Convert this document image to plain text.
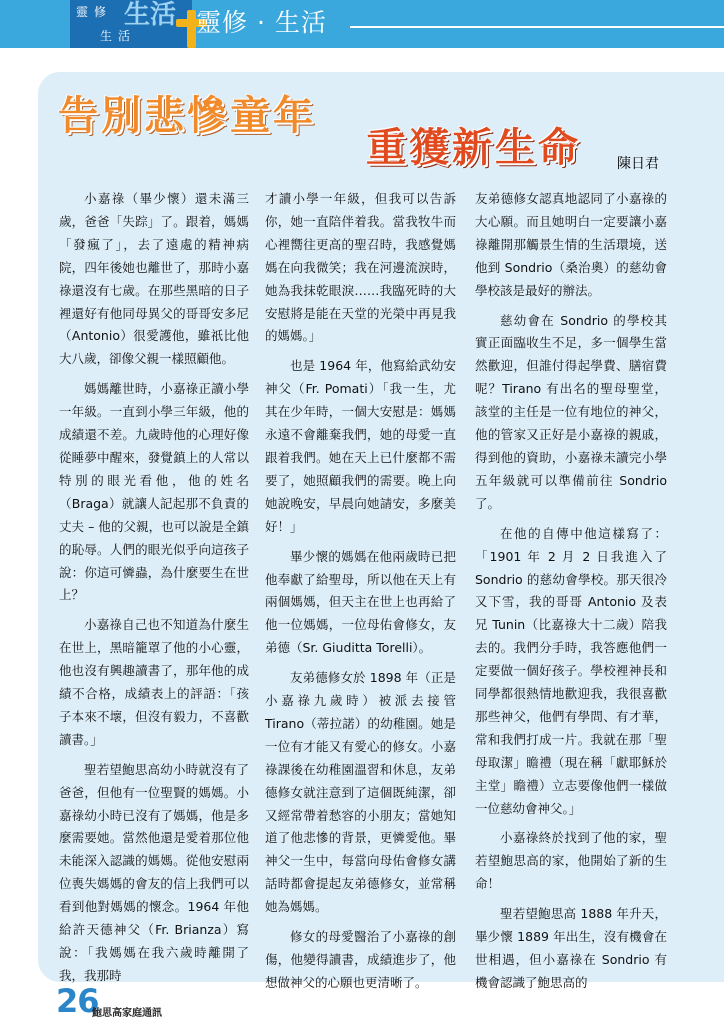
靈 修
生 活
生活 靈修 · 生活
告別悲慘童年
重獲新生命	陳日君

小嘉祿（畢少懷）還未滿三歲，爸爸「失踪」了。跟着，媽媽「發瘋了」，去了遠處的精神病院，四年後她也離世了，那時小嘉祿還沒有七歲。在那些黑暗的日子裡還好有他同母異父的哥哥安多尼（Antonio）很愛護他，雖祇比他大八歲，卻像父親一樣照顧他。

媽媽離世時，小嘉祿正讀小學一年級。一直到小學三年級，他的成績還不差。九歲時他的心理好像從睡夢中醒來，發覺鎮上的人常以特別的眼光看他，他的姓名（Braga）就讓人記起那不負責的丈夫 – 他的父親，也可以說是全鎮的恥辱。人們的眼光似乎向這孩子說：你這可憐蟲，為什麼要生在世上？

小嘉祿自己也不知道為什麼生在世上，黑暗籠罩了他的小心靈，他也沒有興趣讀書了，那年他的成績不合格，成績表上的評語：「孩子本來不壞，但沒有毅力，不喜歡讀書。」

聖若望鮑思高幼小時就沒有了爸爸，但他有一位聖賢的媽媽。小嘉祿幼小時已沒有了媽媽，他是多麼需要她。當然他還是愛着那位他未能深入認識的媽媽。從他安慰兩位喪失媽媽的會友的信上我們可以看到他對媽媽的懷念。1964 年他給許天德神父（Fr. Brianza）寫說：「我媽媽在我六歲時離開了我，我那時

才讀小學一年級，但我可以告訴你，她一直陪伴着我。當我牧牛而心裡嚮往更高的聖召時，我感覺媽媽在向我微笑；我在河邊流淚時，她為我抹乾眼淚……我臨死時的大安慰將是能在天堂的光榮中再見我的媽媽。」

也是 1964 年，他寫給武幼安神父（Fr. Pomati）「我一生，尤其在少年時，一個大安慰是：媽媽永遠不會離棄我們，她的母愛一直跟着我們。她在天上已什麼都不需要了，她照顧我們的需要。晚上向她說晚安，早晨向她請安，多麼美好！」

畢少懷的媽媽在他兩歲時已把他奉獻了給聖母，所以他在天上有兩個媽媽，但天主在世上也再給了他一位媽媽，一位母佑會修女，友弟德（Sr. Giuditta Torelli）。

友弟德修女於 1898 年（正是小嘉祿九歲時）被派去接管 Tirano（蒂拉諾）的幼稚園。她是一位有才能又有愛心的修女。小嘉祿課後在幼稚園溫習和休息，友弟德修女就注意到了這個既純潔，卻又經常帶着愁容的小朋友；當她知道了他悲慘的背景，更憐愛他。畢神父一生中，每當向母佑會修女講話時都會提起友弟德修女，並常稱她為媽媽。

修女的母愛醫治了小嘉祿的創傷，他變得讀書，成績進步了，他想做神父的心願也更清晰了。

友弟德修女認真地認同了小嘉祿的大心願。而且她明白一定要讓小嘉祿離開那觸景生情的生活環境，送他到 Sondrio（桑治奧）的慈幼會學校該是最好的辦法。

慈幼會在 Sondrio 的學校其實正面臨收生不足，多一個學生當然歡迎，但誰付得起學費、膳宿費呢？Tirano 有出名的聖母聖堂，該堂的主任是一位有地位的神父，他的管家又正好是小嘉祿的親戚，得到他的資助，小嘉祿未讀完小學五年級就可以準備前往 Sondrio 了。

在他的自傳中他這樣寫了：「1901 年 2 月 2 日我進入了 Sondrio 的慈幼會學校。那天很冷又下雪，我的哥哥 Antonio 及表兄 Tunin（比嘉祿大十二歲）陪我去的。我們分手時，我答應他們一定要做一個好孩子。學校裡神長和同學都很熱情地歡迎我，我很喜歡那些神父，他們有學問、有才華，常和我們打成一片。我就在那「聖母取潔」瞻禮（現在稱「獻耶穌於主堂」瞻禮）立志要像他們一樣做一位慈幼會神父。」

小嘉祿終於找到了他的家，聖若望鮑思高的家，他開始了新的生命！

聖若望鮑思高 1888 年升天，畢少懷 1889 年出生，沒有機會在世相遇，但小嘉祿在 Sondrio 有機會認識了鮑思高的

26
鮑思高家庭通訊
